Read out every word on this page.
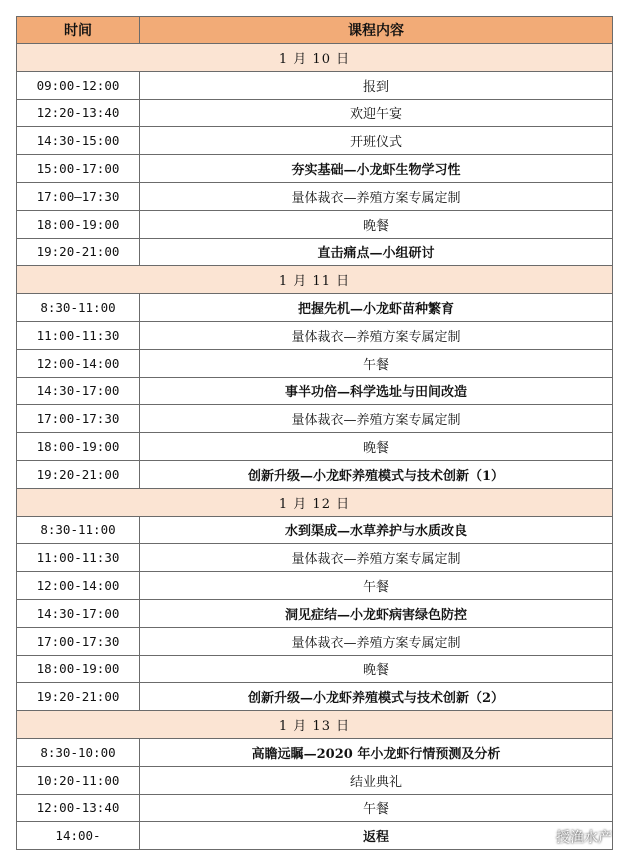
时间	课程内容
1 月 10 日	
09:00-12:00	报到
12:20-13:40	欢迎午宴
14:30-15:00	开班仪式
15:00-17:00	夯实基础—小龙虾生物学习性
17:00—17:30	量体裁衣—养殖方案专属定制
18:00-19:00	晚餐
19:20-21:00	直击痛点—小组研讨
1 月 11 日	
8:30-11:00	把握先机—小龙虾苗种繁育
11:00-11:30	量体裁衣—养殖方案专属定制
12:00-14:00	午餐
14:30-17:00	事半功倍—科学选址与田间改造
17:00-17:30	量体裁衣—养殖方案专属定制
18:00-19:00	晚餐
19:20-21:00	创新升级—小龙虾养殖模式与技术创新（1）
1 月 12 日	
8:30-11:00	水到渠成—水草养护与水质改良
11:00-11:30	量体裁衣—养殖方案专属定制
12:00-14:00	午餐
14:30-17:00	洞见症结—小龙虾病害绿色防控
17:00-17:30	量体裁衣—养殖方案专属定制
18:00-19:00	晚餐
19:20-21:00	创新升级—小龙虾养殖模式与技术创新（2）
1 月 13 日	
8:30-10:00	高瞻远瞩—2020 年小龙虾行情预测及分析
10:20-11:00	结业典礼
12:00-13:40	午餐
14:00-	返程	授渔水产
